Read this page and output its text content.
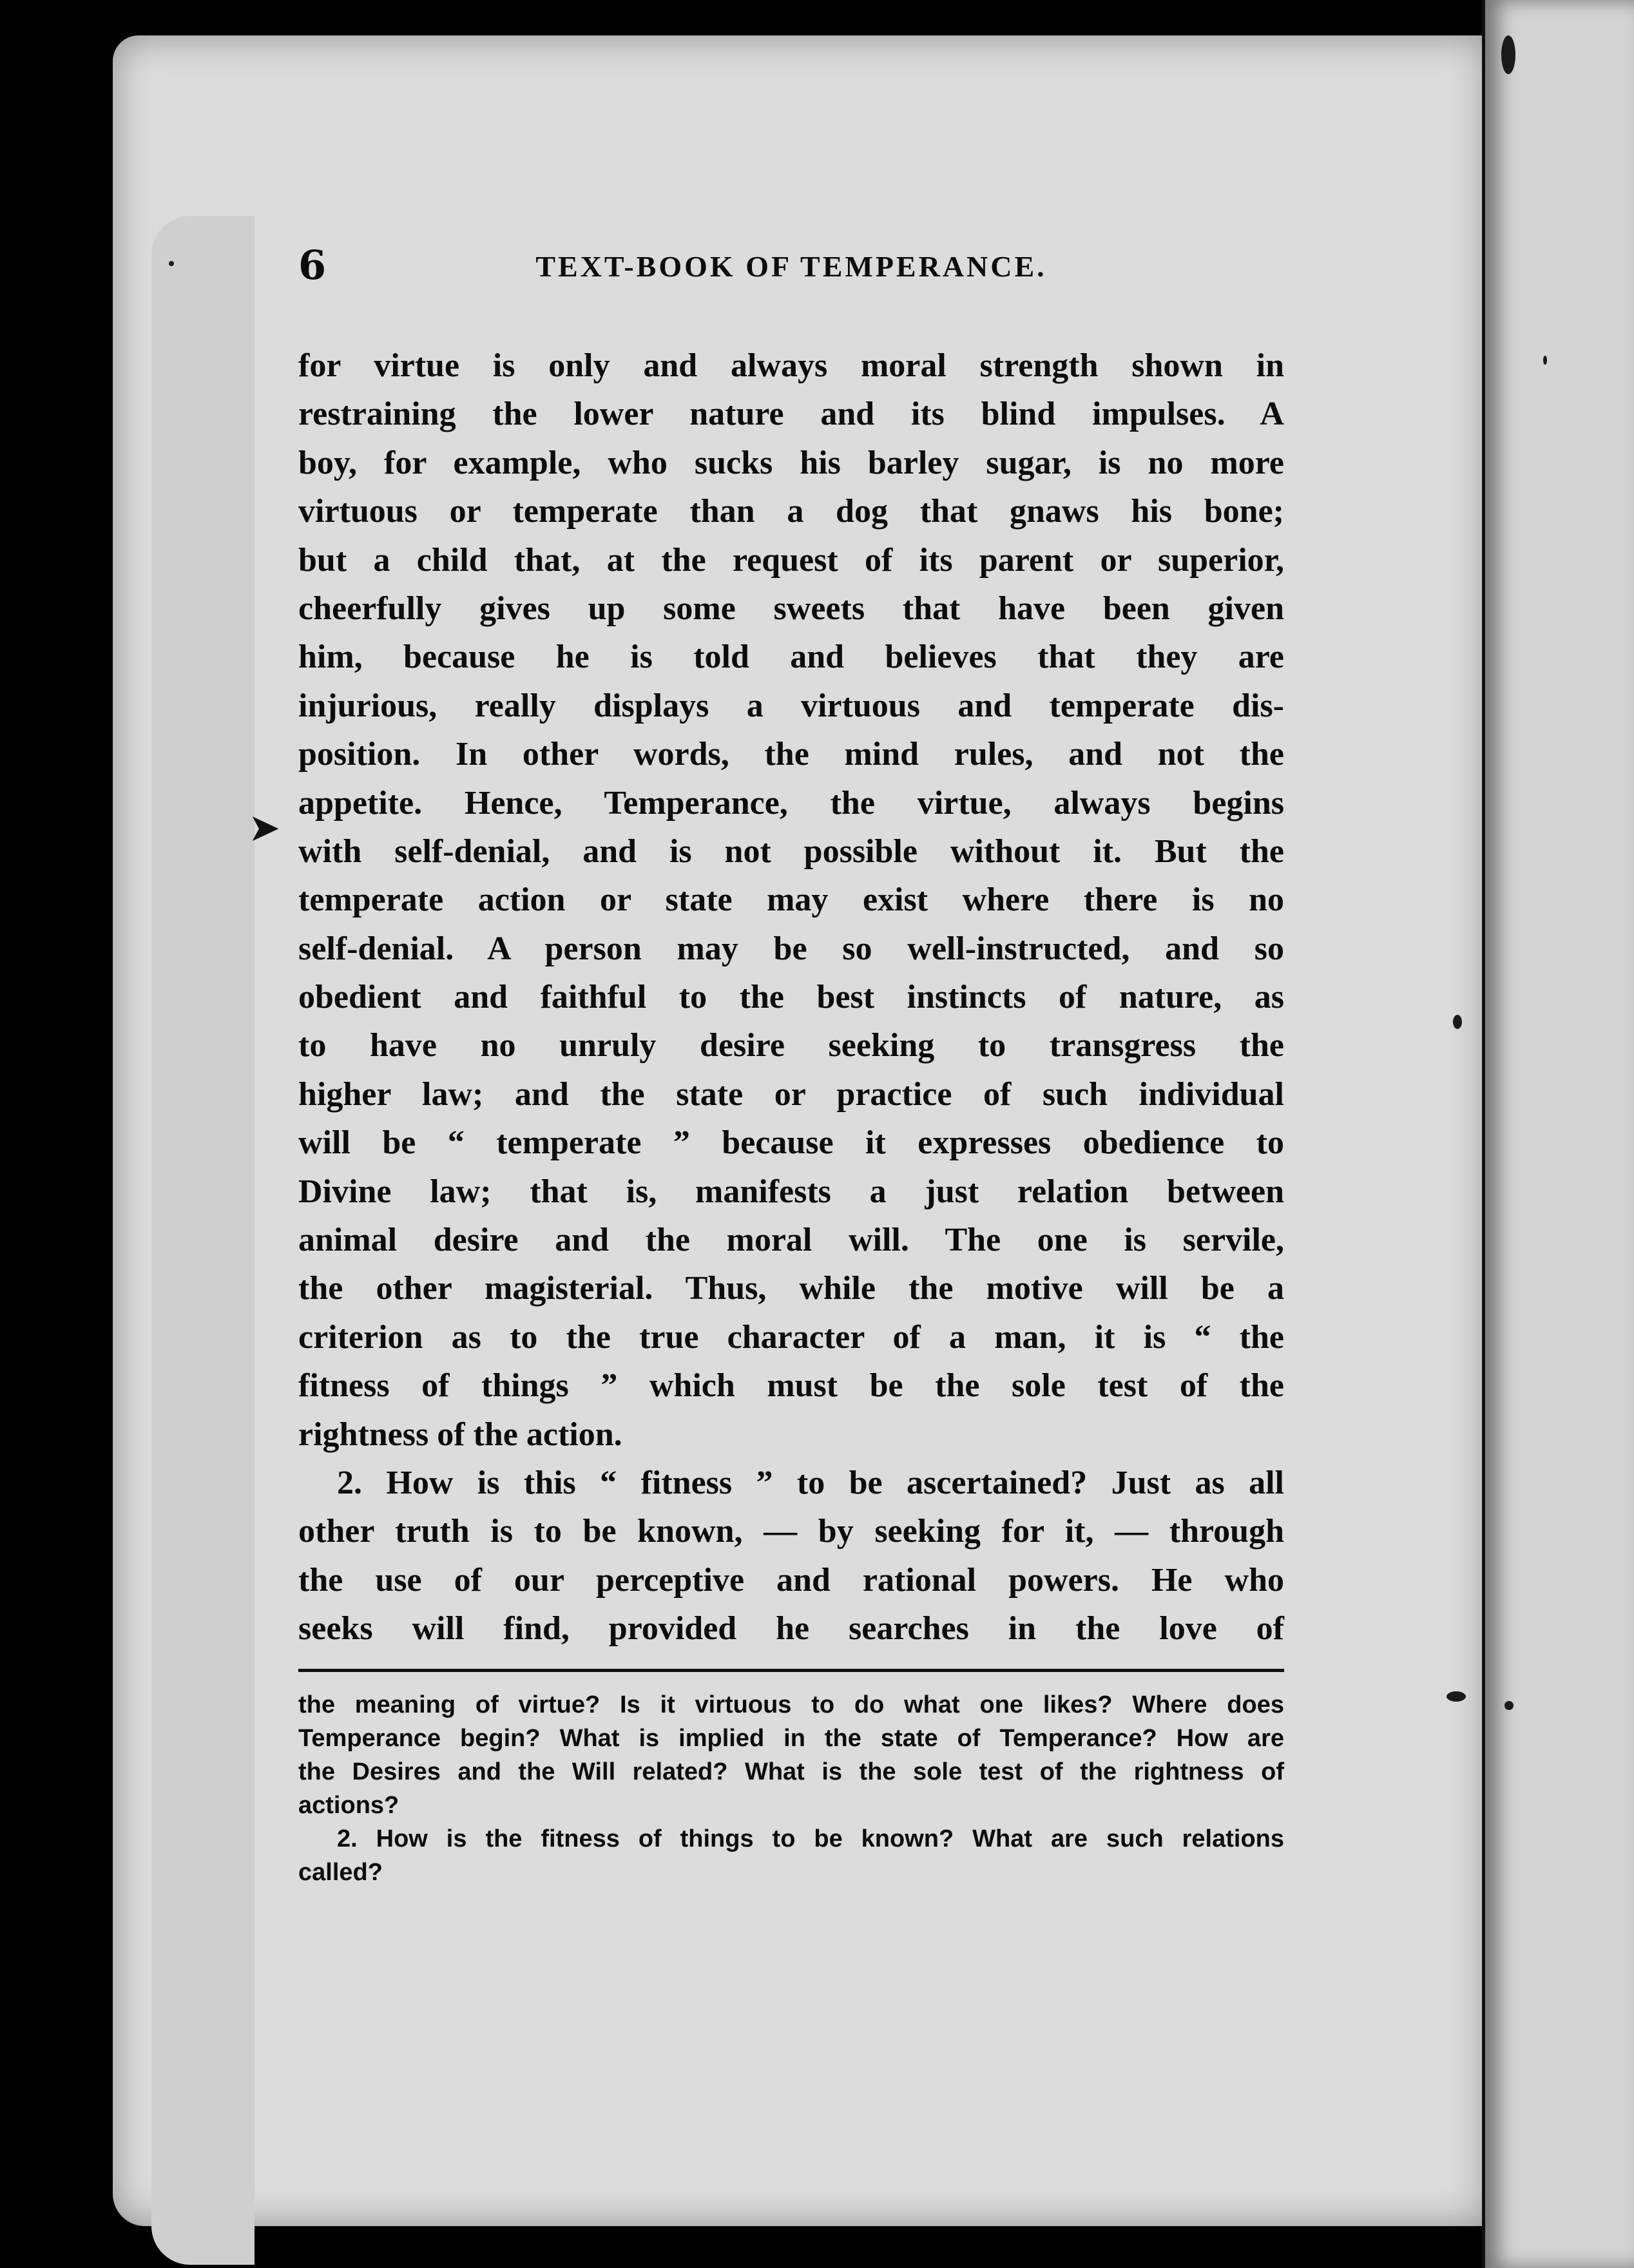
6	TEXT-BOOK OF TEMPERANCE.
➤
for virtue is only and always moral strength shown in
restraining the lower nature and its blind impulses. A
boy, for example, who sucks his barley sugar, is no more
virtuous or temperate than a dog that gnaws his bone;
but a child that, at the request of its parent or superior,
cheerfully gives up some sweets that have been given
him, because he is told and believes that they are
injurious, really displays a virtuous and temperate dis-
position. In other words, the mind rules, and not the
appetite. Hence, Temperance, the virtue, always begins
with self-denial, and is not possible without it. But the
temperate action or state may exist where there is no
self-denial. A person may be so well-instructed, and so
obedient and faithful to the best instincts of nature, as
to have no unruly desire seeking to transgress the
higher law; and the state or practice of such individual
will be “ temperate ” because it expresses obedience to
Divine law; that is, manifests a just relation between
animal desire and the moral will. The one is servile,
the other magisterial. Thus, while the motive will be a
criterion as to the true character of a man, it is “ the
fitness of things ” which must be the sole test of the
rightness of the action.
2. How is this “ fitness ” to be ascertained? Just as all
other truth is to be known, — by seeking for it, — through
the use of our perceptive and rational powers. He who
seeks will find, provided he searches in the love of
the meaning of virtue? Is it virtuous to do what one likes? Where does
Temperance begin? What is implied in the state of Temperance? How are
the Desires and the Will related? What is the sole test of the rightness of
actions?
2. How is the fitness of things to be known? What are such relations
called?
